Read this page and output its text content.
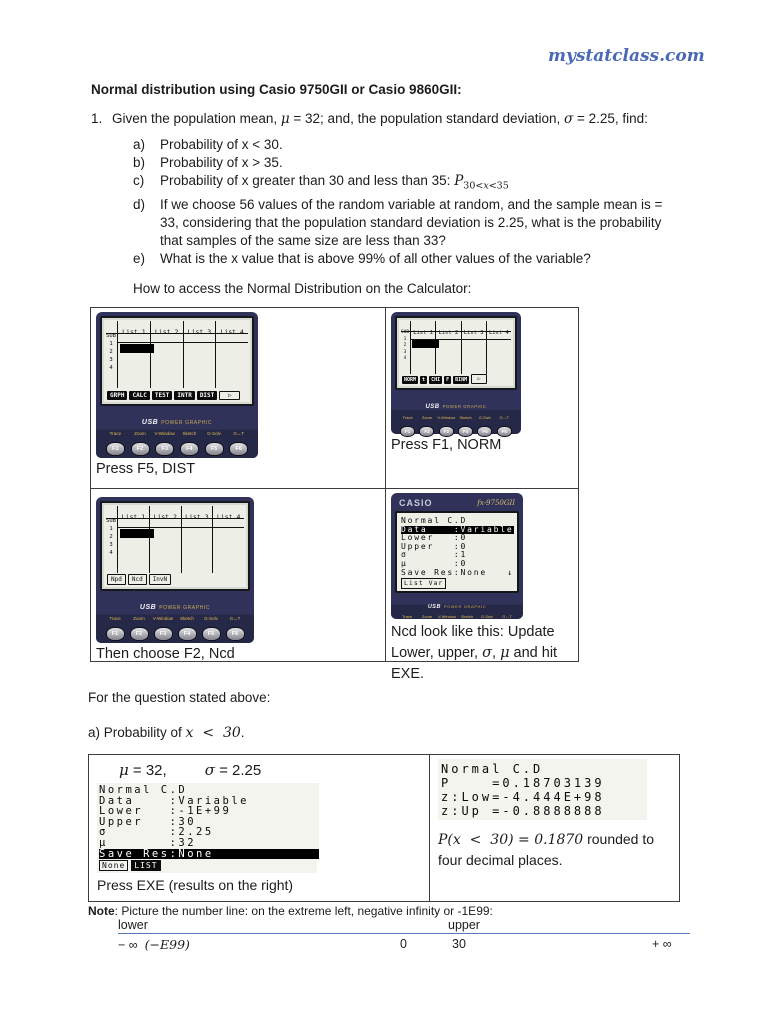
mystatclass.com
Normal distribution using Casio 9750GII or Casio 9860GII:
1. Given the population mean, μ = 32; and, the population standard deviation, σ = 2.25, find:
a)	Probability of x < 30.
b)	Probability of x > 35.
c)	Probability of x greater than 30 and less than 35: $P_{30<x<35}$
d)	If we choose 56 values of the random variable at random, and the sample mean is = 33, considering that the population standard deviation is 2.25, what is the probability that samples of the same size are less than 33?
e)	What is the x value that is above 99% of all other values of the variable?
How to access the Normal Distribution on the Calculator:
SUB
1
2
3
4
List 1	List 2	List 3	List 4
GRPH	CALC	TEST	INTR	DIST	▷
USB POWER GRAPHIC
Trace
F1
Zoom
F2
V-Window
F3
Sketch
F4
G-Solv
F5
G↔T
F6
Press F5, DIST
SUB
1
2
3
4
List 1 List 2 List 3 List 4
NORM	t	CHI	F	BINM	▷
USB POWER GRAPHIC
Trace
F1
Zoom
F2
V-Window
F3
Sketch
F4
G-Solv
F5
G↔T
F6
Press F1, NORM
SUB
1
2
3
4
List 1	List 2	List 3	List 4
Npd	Ncd	InvN
USB POWER GRAPHIC
Trace
F1
Zoom
F2
V-Window
F3
Sketch
F4
G-Solv
F5
G↔T
F6
Then choose F2, Ncd
CASIO	fx-9750GII
Normal C.D
Data    :Variable
Lower   :0
Upper   :0
σ       :1
μ       :0
Save Res:None	↓
List Var
USB POWER GRAPHIC
Trace	Zoom	V-Window	Sketch	G-Solv	G↔T
Ncd look like this: Update
Lower, upper, σ, μ and hit EXE.
For the question stated above:
a) Probability of x  <  30.
μ = 32,	σ = 2.25
Normal C.D
Data    :Variable
Lower   :-1E+99
Upper   :30
σ       :2.25
μ       :32
Save Res:None
None	LIST
Press EXE (results on the right)
Normal C.D
P    =0.18703139
z:Low=-4.444E+98
z:Up =-0.8888888
P(x  <  30) = 0.1870 rounded to four decimal places.
Note: Picture the number line: on the extreme left, negative infinity or -1E99:
lower	upper
− ∞  (−E99)	0	30	+ ∞
